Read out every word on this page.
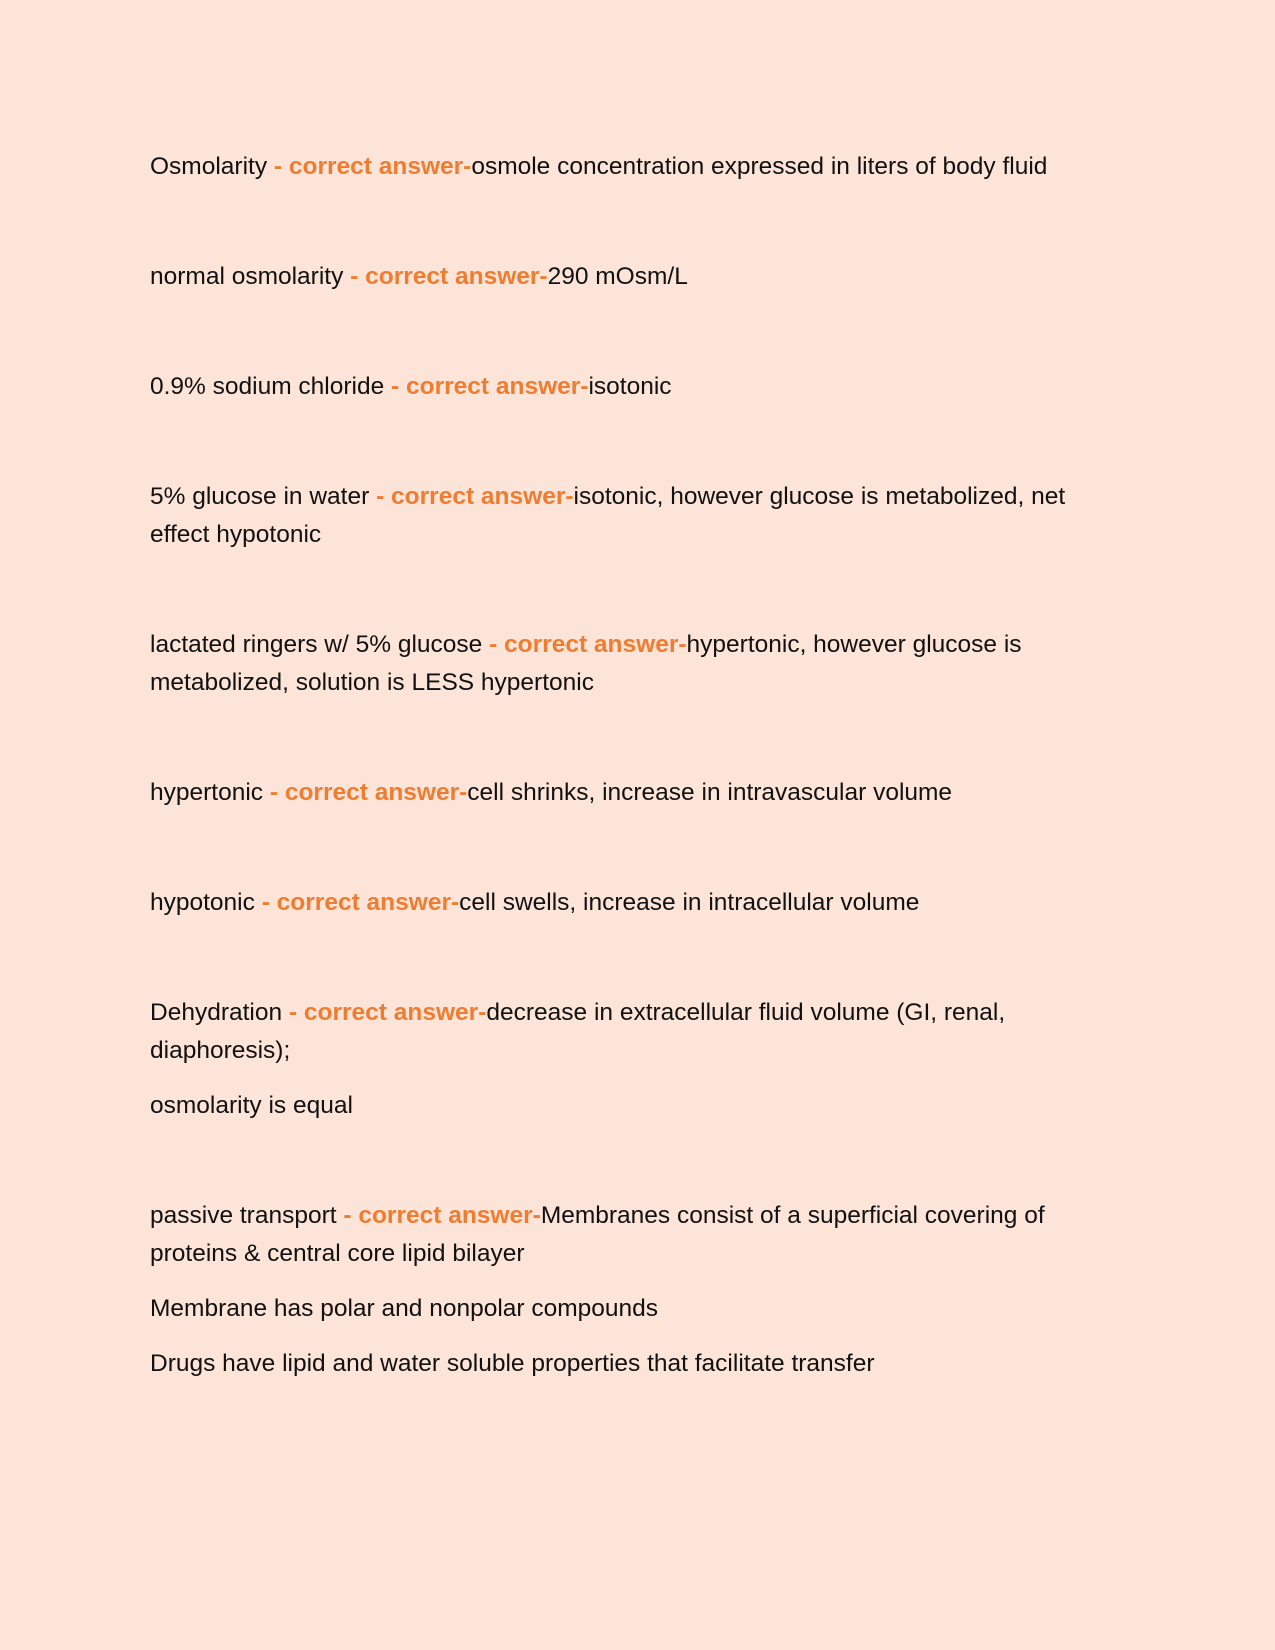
Osmolarity - correct answer-osmole concentration expressed in liters of body fluid

normal osmolarity - correct answer-290 mOsm/L

0.9% sodium chloride - correct answer-isotonic

5% glucose in water - correct answer-isotonic, however glucose is metabolized, net effect hypotonic

lactated ringers w/ 5% glucose - correct answer-hypertonic, however glucose is metabolized, solution is LESS hypertonic

hypertonic - correct answer-cell shrinks, increase in intravascular volume

hypotonic - correct answer-cell swells, increase in intracellular volume

Dehydration - correct answer-decrease in extracellular fluid volume (GI, renal, diaphoresis);

osmolarity is equal

passive transport - correct answer-Membranes consist of a superficial covering of proteins & central core lipid bilayer

Membrane has polar and nonpolar compounds

Drugs have lipid and water soluble properties that facilitate transfer
